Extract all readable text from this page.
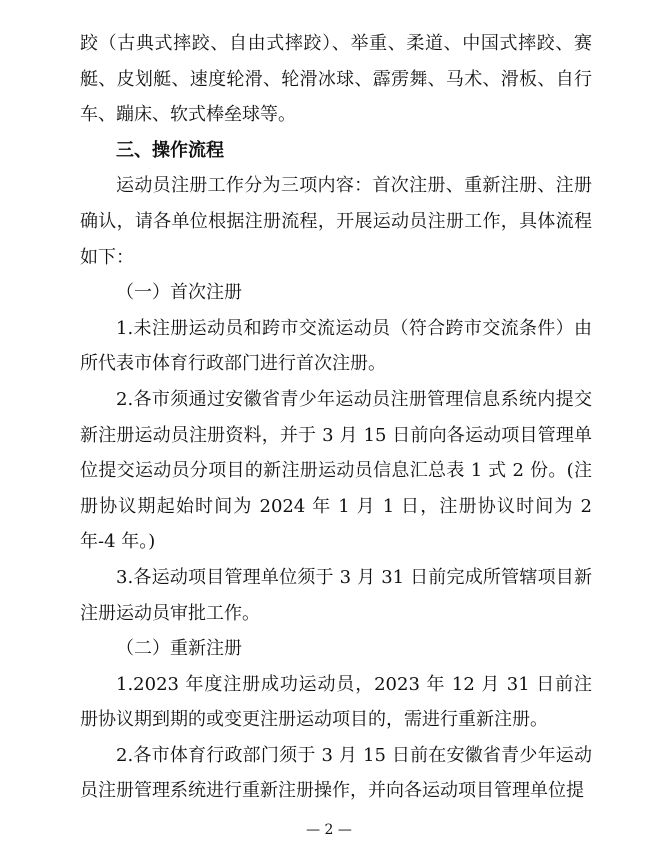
跤（古典式摔跤、自由式摔跤）、举重、柔道、中国式摔跤、赛艇、皮划艇、速度轮滑、轮滑冰球、霹雳舞、马术、滑板、自行车、蹦床、软式棒垒球等。

三、操作流程

运动员注册工作分为三项内容：首次注册、重新注册、注册确认，请各单位根据注册流程，开展运动员注册工作，具体流程如下：

（一）首次注册

1.未注册运动员和跨市交流运动员（符合跨市交流条件）由所代表市体育行政部门进行首次注册。

2.各市须通过安徽省青少年运动员注册管理信息系统内提交新注册运动员注册资料，并于 3 月 15 日前向各运动项目管理单位提交运动员分项目的新注册运动员信息汇总表 1 式 2 份。(注册协议期起始时间为 2024 年 1 月 1 日，注册协议时间为 2 年-4 年。)

3.各运动项目管理单位须于 3 月 31 日前完成所管辖项目新注册运动员审批工作。

（二）重新注册

1.2023 年度注册成功运动员，2023 年 12 月 31 日前注册协议期到期的或变更注册运动项目的，需进行重新注册。

2.各市体育行政部门须于 3 月 15 日前在安徽省青少年运动员注册管理系统进行重新注册操作，并向各运动项目管理单位提

— 2 —
